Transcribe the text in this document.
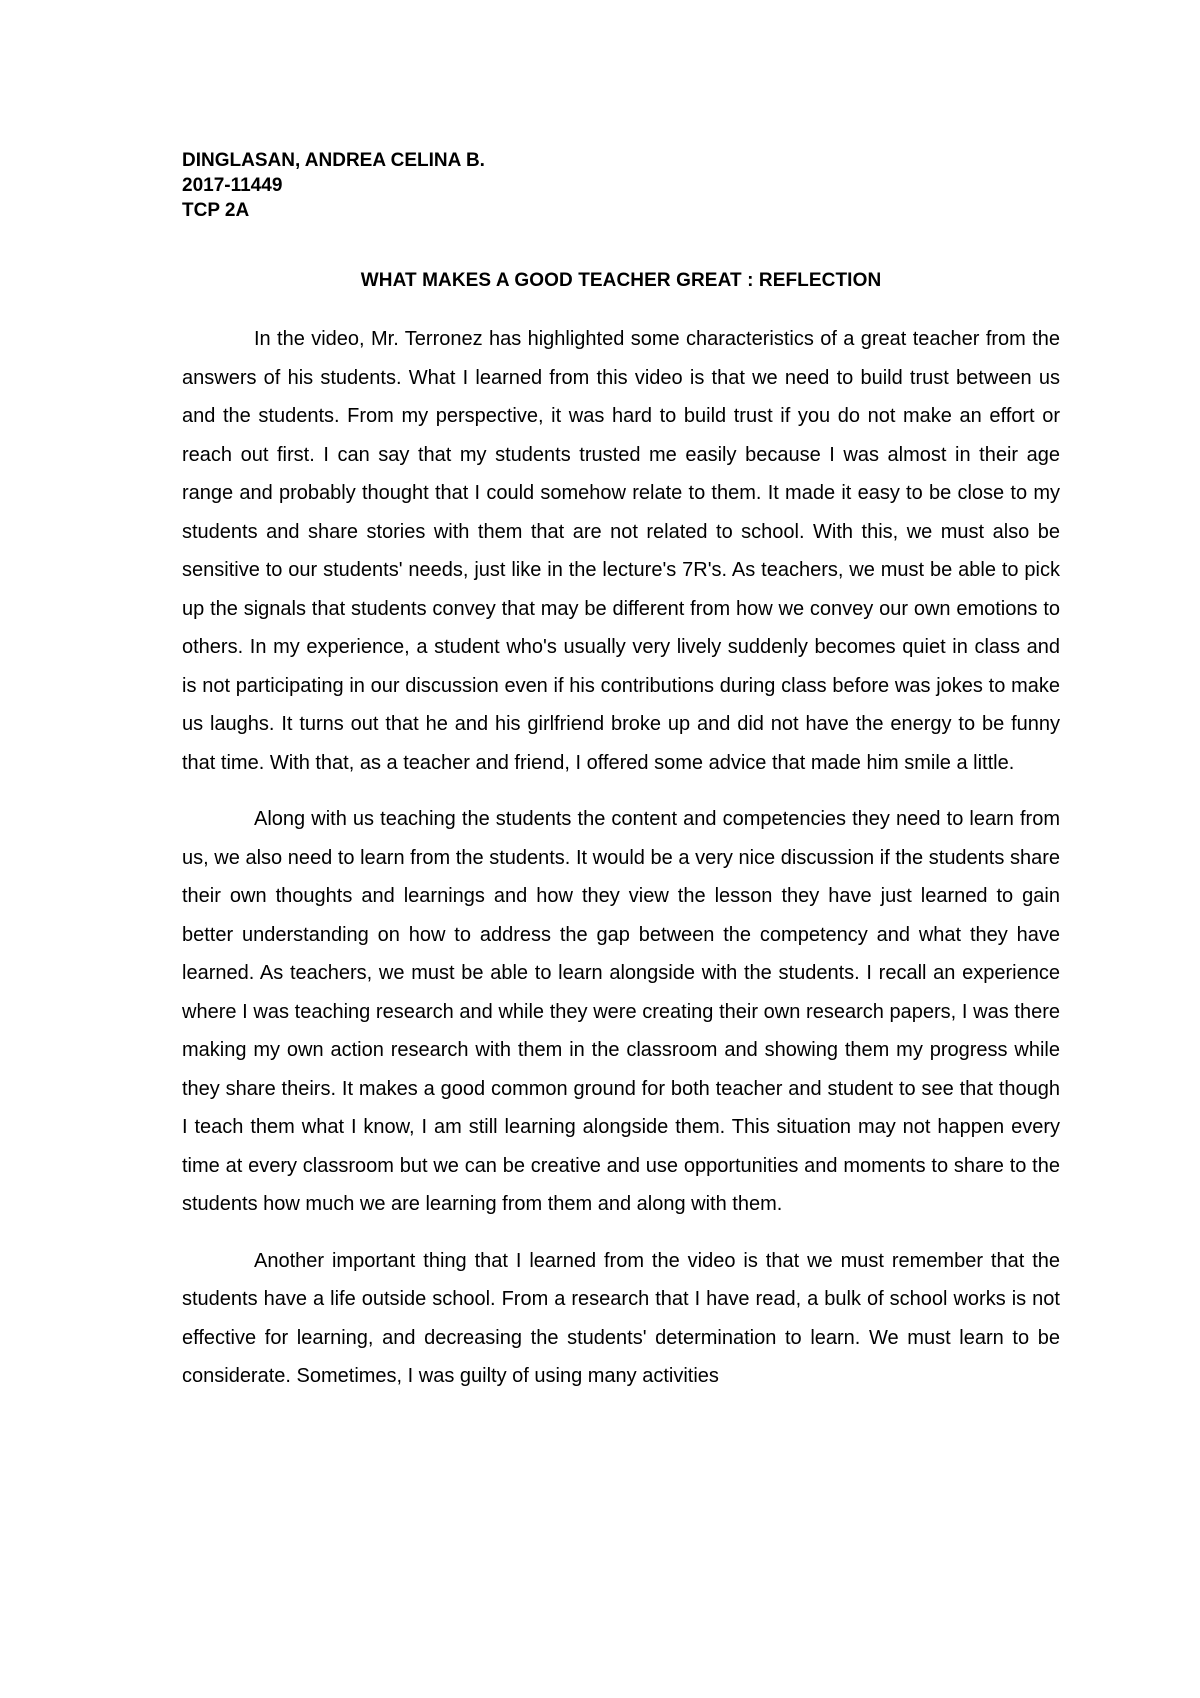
DINGLASAN, ANDREA CELINA B.
2017-11449
TCP 2A
WHAT MAKES A GOOD TEACHER GREAT : REFLECTION

In the video, Mr. Terronez has highlighted some characteristics of a great teacher from the answers of his students. What I learned from this video is that we need to build trust between us and the students. From my perspective, it was hard to build trust if you do not make an effort or reach out first. I can say that my students trusted me easily because I was almost in their age range and probably thought that I could somehow relate to them. It made it easy to be close to my students and share stories with them that are not related to school. With this, we must also be sensitive to our students' needs, just like in the lecture's 7R's. As teachers, we must be able to pick up the signals that students convey that may be different from how we convey our own emotions to others. In my experience, a student who's usually very lively suddenly becomes quiet in class and is not participating in our discussion even if his contributions during class before was jokes to make us laughs. It turns out that he and his girlfriend broke up and did not have the energy to be funny that time. With that, as a teacher and friend, I offered some advice that made him smile a little.

Along with us teaching the students the content and competencies they need to learn from us, we also need to learn from the students. It would be a very nice discussion if the students share their own thoughts and learnings and how they view the lesson they have just learned to gain better understanding on how to address the gap between the competency and what they have learned. As teachers, we must be able to learn alongside with the students. I recall an experience where I was teaching research and while they were creating their own research papers, I was there making my own action research with them in the classroom and showing them my progress while they share theirs. It makes a good common ground for both teacher and student to see that though I teach them what I know, I am still learning alongside them. This situation may not happen every time at every classroom but we can be creative and use opportunities and moments to share to the students how much we are learning from them and along with them.

Another important thing that I learned from the video is that we must remember that the students have a life outside school. From a research that I have read, a bulk of school works is not effective for learning, and decreasing the students' determination to learn. We must learn to be considerate. Sometimes, I was guilty of using many activities
